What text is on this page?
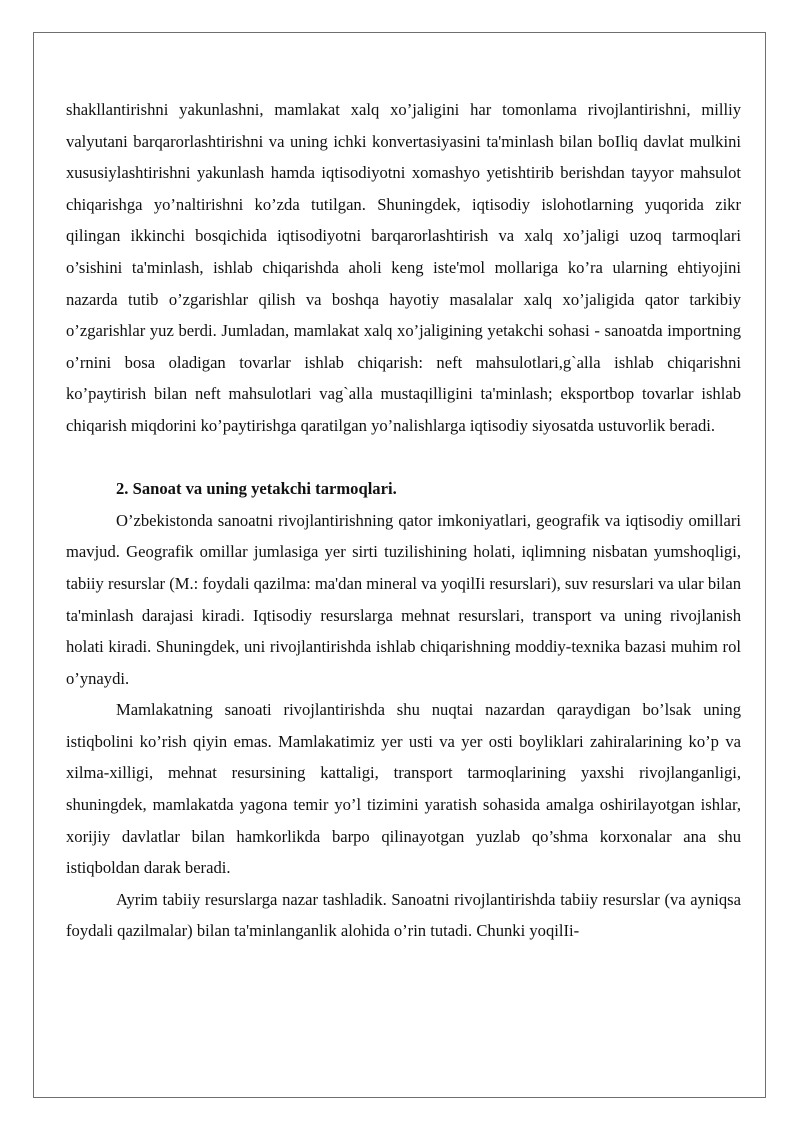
shakllantirishni yakunlashni, mamlakat xalq xo’jaligini har tomonlama rivojlantirishni, milliy valyutani barqarorlashtirishni va uning ichki konvertasiyasini ta'minlash bilan boIliq davlat mulkini xususiylashtirishni yakunlash hamda iqtisodiyotni xomashyo yetishtirib berishdan tayyor mahsulot chiqarishga yo’naltirishni ko’zda tutilgan. Shuningdek, iqtisodiy islohotlarning yuqorida zikr qilingan ikkinchi bosqichida iqtisodiyotni barqarorlashtirish va xalq xo’jaligi uzoq tarmoqlari o’sishini ta'minlash, ishlab chiqarishda aholi keng iste'mol mollariga ko’ra ularning ehtiyojini nazarda tutib o’zgarishlar qilish va boshqa hayotiy masalalar xalq xo’jaligida qator tarkibiy o’zgarishlar yuz berdi. Jumladan, mamlakat xalq xo’jaligining yetakchi sohasi - sanoatda importning o’rnini bosa oladigan tovarlar ishlab chiqarish: neft mahsulotlari,g`alla ishlab chiqarishni ko’paytirish bilan neft mahsulotlari vag`alla mustaqilligini ta'minlash; eksportbop tovarlar ishlab chiqarish miqdorini ko’paytirishga qaratilgan yo’nalishlarga iqtisodiy siyosatda ustuvorlik beradi.

2. Sanoat va uning yetakchi tarmoqlari.

O’zbekistonda sanoatni rivojlantirishning qator imkoniyatlari, geografik va iqtisodiy omillari mavjud. Geografik omillar jumlasiga yer sirti tuzilishining holati, iqlimning nisbatan yumshoqligi, tabiiy resurslar (M.: foydali qazilma: ma'dan mineral va yoqilIi resurslari), suv resurslari va ular bilan ta'minlash darajasi kiradi. Iqtisodiy resurslarga mehnat resurslari, transport va uning rivojlanish holati kiradi. Shuningdek, uni rivojlantirishda ishlab chiqarishning moddiy-texnika bazasi muhim rol o’ynaydi.

Mamlakatning sanoati rivojlantirishda shu nuqtai nazardan qaraydigan bo’lsak uning istiqbolini ko’rish qiyin emas. Mamlakatimiz yer usti va yer osti boyliklari zahiralarining ko’p va xilma-xilligi, mehnat resursining kattaligi, transport tarmoqlarining yaxshi rivojlanganligi, shuningdek, mamlakatda yagona temir yo’l tizimini yaratish sohasida amalga oshirilayotgan ishlar, xorijiy davlatlar bilan hamkorlikda barpo qilinayotgan yuzlab qo’shma korxonalar ana shu istiqboldan darak beradi.

Ayrim tabiiy resurslarga nazar tashladik. Sanoatni rivojlantirishda tabiiy resurslar (va ayniqsa foydali qazilmalar) bilan ta'minlanganlik alohida o’rin tutadi. Chunki yoqilIi-
